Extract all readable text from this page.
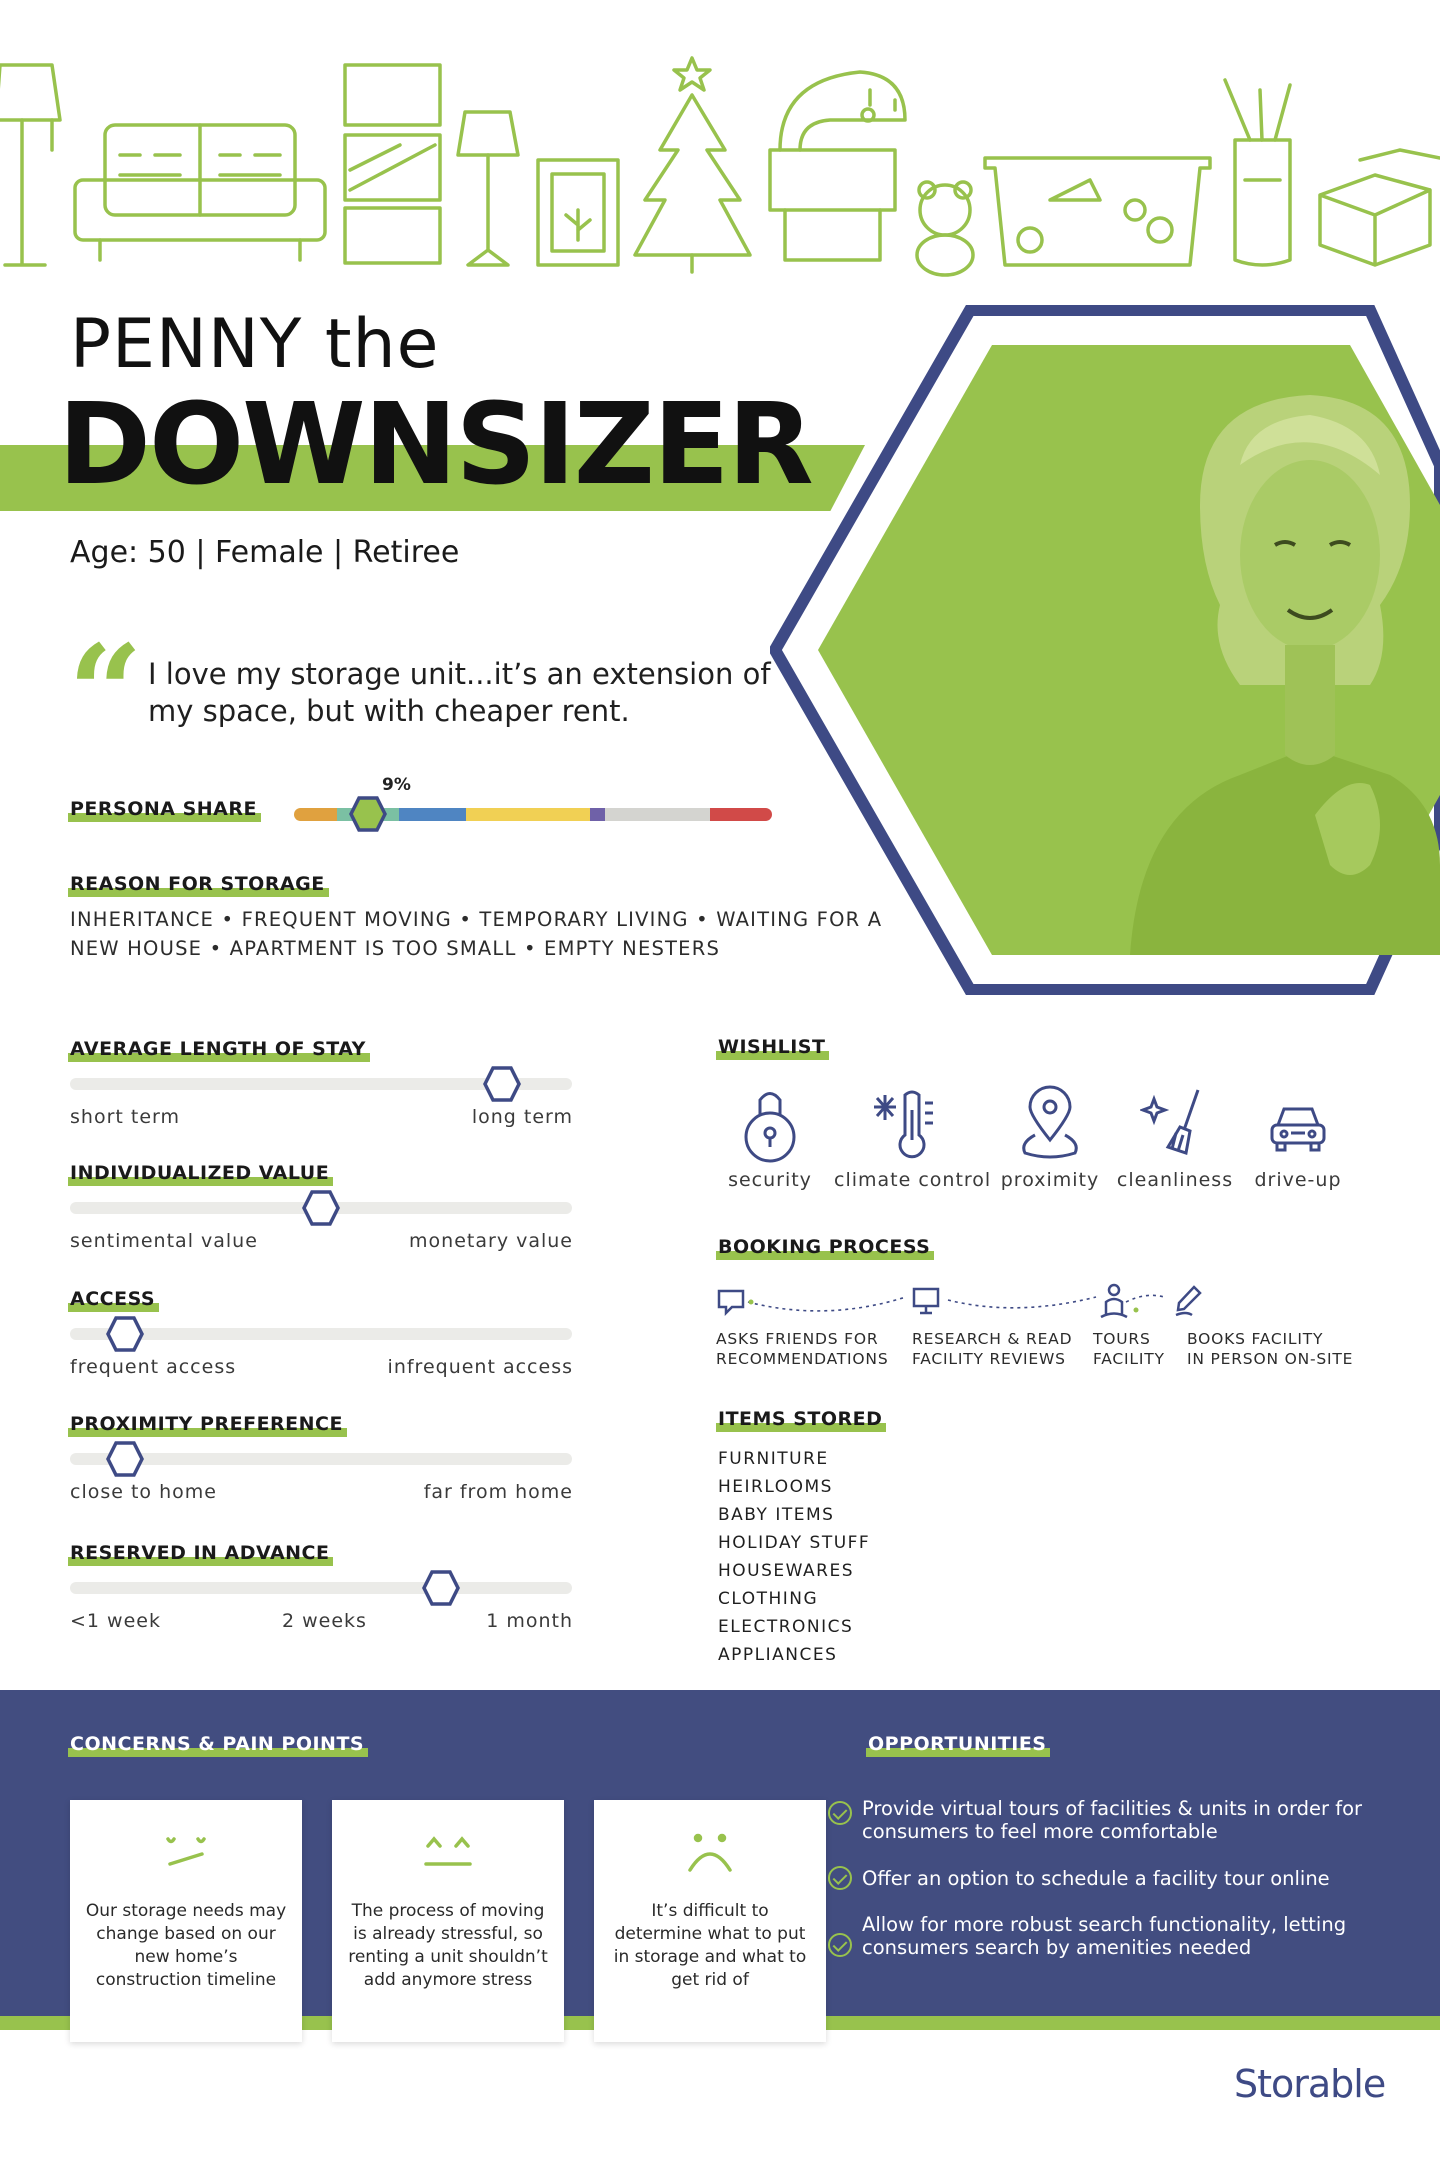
PENNY the
DOWNSIZER
Age: 50 | Female | Retiree
“ I love my storage unit...it’s an extension of my space, but with cheaper rent.
PERSONA SHARE
9%
REASON FOR STORAGE
INHERITANCE • FREQUENT MOVING • TEMPORARY LIVING • WAITING FOR A NEW HOUSE • APARTMENT IS TOO SMALL • EMPTY NESTERS
AVERAGE LENGTH OF STAY
short term	long term
INDIVIDUALIZED VALUE
sentimental value	monetary value
ACCESS
frequent access	infrequent access
PROXIMITY PREFERENCE
close to home	far from home
RESERVED IN ADVANCE
<1 week	1 month
2 weeks
WISHLIST
security	climate control proximity cleanliness	drive-up
BOOKING PROCESS
ASKS FRIENDS FOR
RECOMMENDATIONS
RESEARCH & READ
FACILITY REVIEWS
TOURS
FACILITY
BOOKS FACILITY
IN PERSON ON-SITE
ITEMS STORED
FURNITURE
HEIRLOOMS
BABY ITEMS
HOLIDAY STUFF
HOUSEWARES
CLOTHING
ELECTRONICS
APPLIANCES
CONCERNS & PAIN POINTS
Our storage needs may change based on our new home’s construction timeline
The process of moving is already stressful, so renting a unit shouldn’t add anymore stress
It’s difficult to determine what to put in storage and what to get rid of
OPPORTUNITIES
Provide virtual tours of facilities & units in order for consumers to feel more comfortable
Offer an option to schedule a facility tour online
Allow for more robust search functionality, letting consumers search by amenities needed
Storable
